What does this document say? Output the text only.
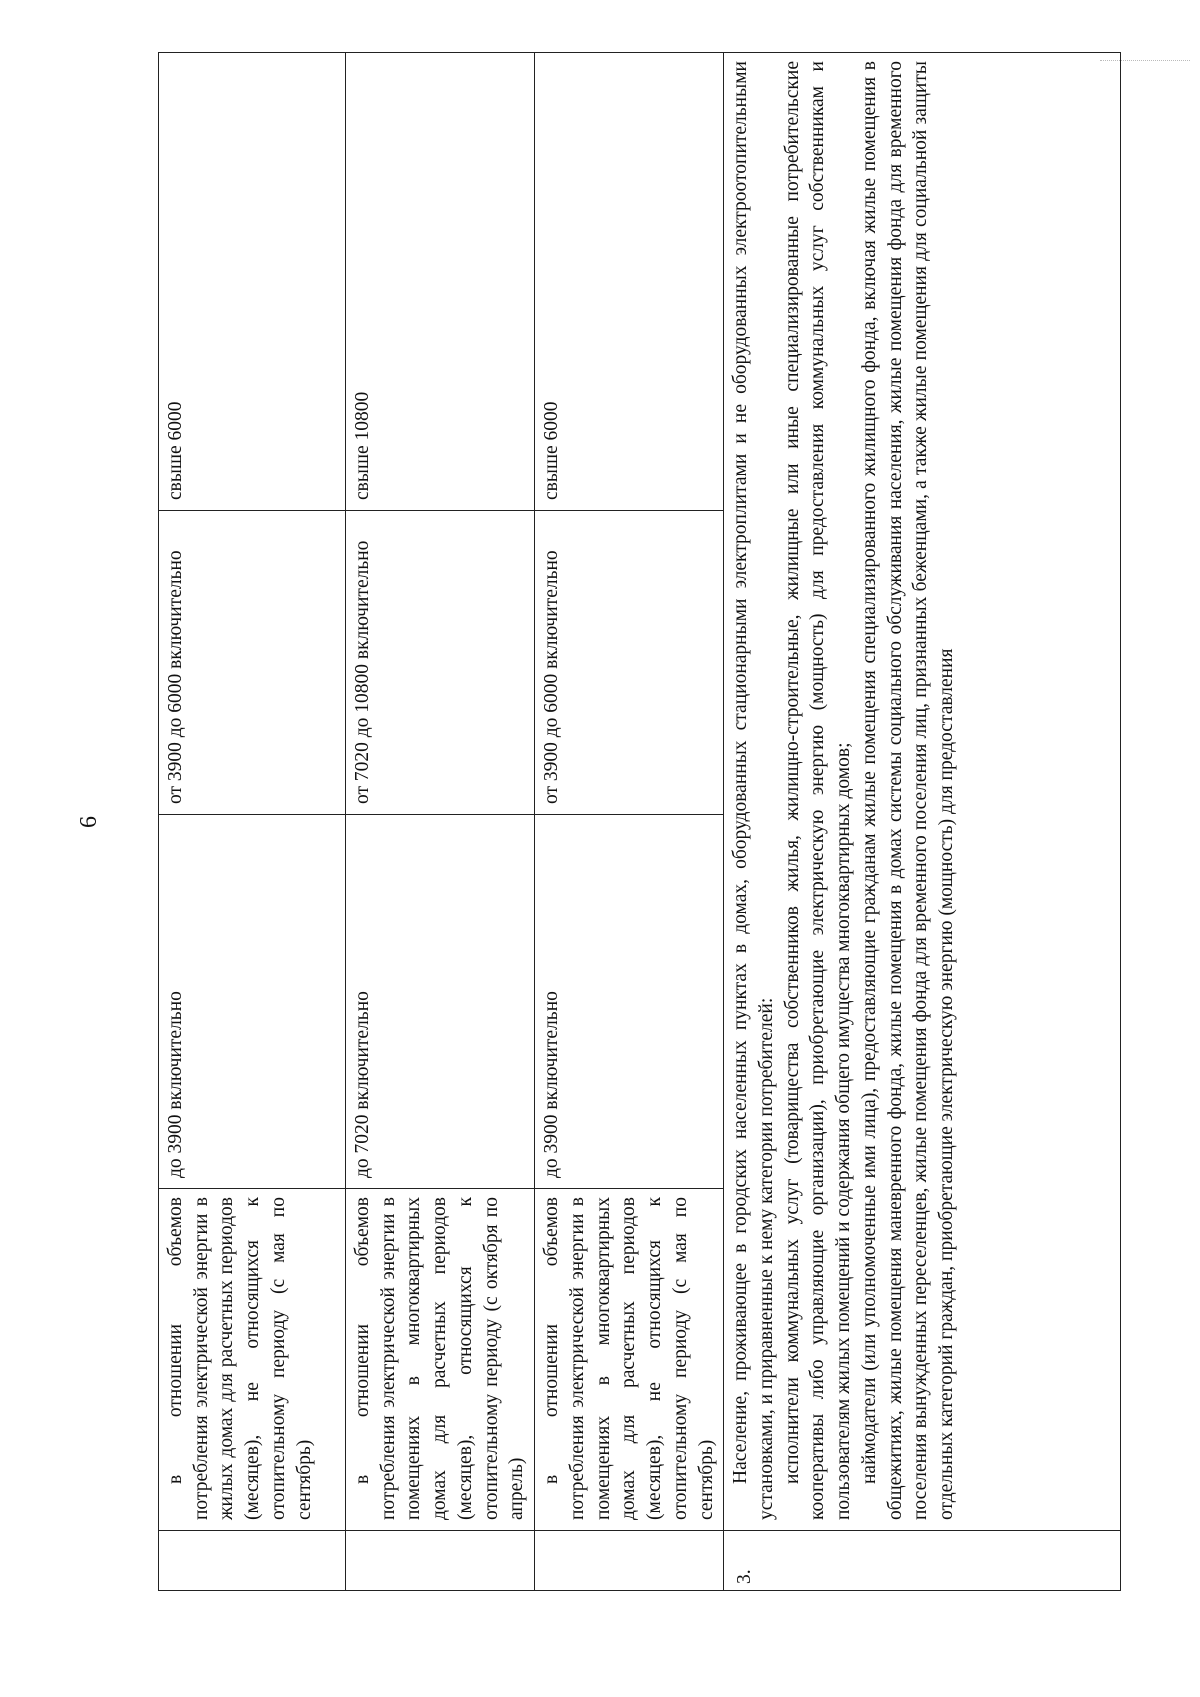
6

	в отношении объемов потребления электрической энергии в жилых домах для расчетных периодов (месяцев), не относящихся к отопительному периоду (с мая по сентябрь)	до 3900 включительно	от 3900 до 6000 включительно	свыше 6000

	в отношении объемов потребления электрической энергии в помещениях в многоквартирных домах для расчетных периодов (месяцев), относящихся к отопительному периоду (с октября по апрель)	до 7020 включительно	от 7020 до 10800 включительно	свыше 10800

	в отношении объемов потребления электрической энергии в помещениях в многоквартирных домах для расчетных периодов (месяцев), не относящихся к отопительному периоду (с мая по сентябрь)	до 3900 включительно	от 3900 до 6000 включительно	свыше 6000
3.	Население, проживающее в городских населенных пунктах в домах, оборудованных стационарными электроплитами и не оборудованных электроотопительными установками, и приравненные к нему категории потребителей: исполнители коммунальных услуг (товарищества собственников жилья, жилищно-строительные, жилищные или иные специализированные потребительские кооперативы либо управляющие организации), приобретающие электрическую энергию (мощность) для предоставления коммунальных услуг собственникам и пользователям жилых помещений и содержания общего имущества многоквартирных домов; наймодатели (или уполномоченные ими лица), предоставляющие гражданам жилые помещения специализированного жилищного фонда, включая жилые помещения в общежитиях, жилые помещения маневренного фонда, жилые помещения в домах системы социального обслуживания населения, жилые помещения фонда для временного поселения вынужденных переселенцев, жилые помещения фонда для временного поселения лиц, признанных беженцами, а также жилые помещения для социальной защиты отдельных категорий граждан, приобретающие электрическую энергию (мощность) для предоставления			
